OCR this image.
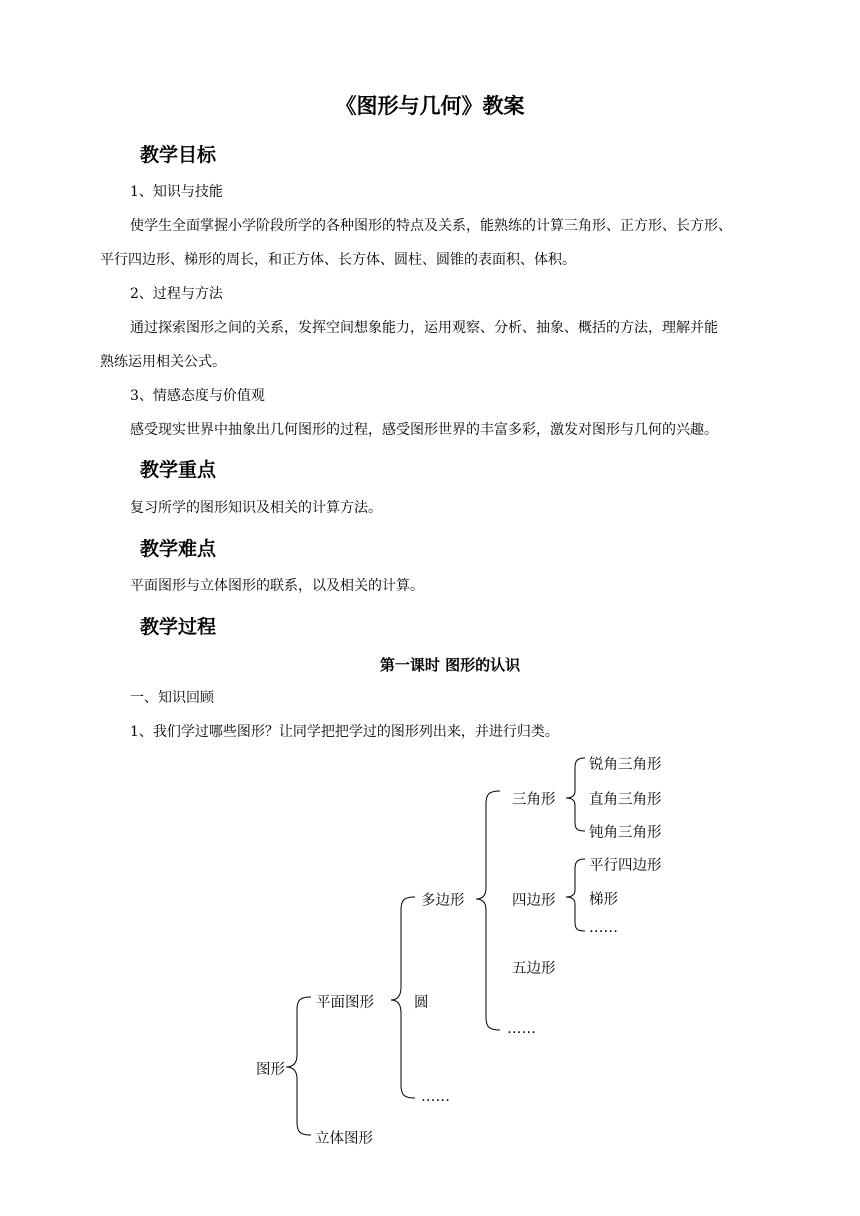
《图形与几何》教案
教学目标
1、知识与技能
使学生全面掌握小学阶段所学的各种图形的特点及关系，能熟练的计算三角形、正方形、长方形、
平行四边形、梯形的周长，和正方体、长方体、圆柱、圆锥的表面积、体积。
2、过程与方法
通过探索图形之间的关系，发挥空间想象能力，运用观察、分析、抽象、概括的方法，理解并能
熟练运用相关公式。
3、情感态度与价值观
感受现实世界中抽象出几何图形的过程，感受图形世界的丰富多彩，激发对图形与几何的兴趣。
教学重点
复习所学的图形知识及相关的计算方法。
教学难点
平面图形与立体图形的联系，以及相关的计算。
教学过程
第一课时 图形的认识
一、知识回顾
1、我们学过哪些图形？让同学把把学过的图形列出来，并进行归类。
图形
平面图形
立体图形
多边形
圆
……
三角形
四边形
五边形
……
锐角三角形
直角三角形
钝角三角形
平行四边形
梯形
……
